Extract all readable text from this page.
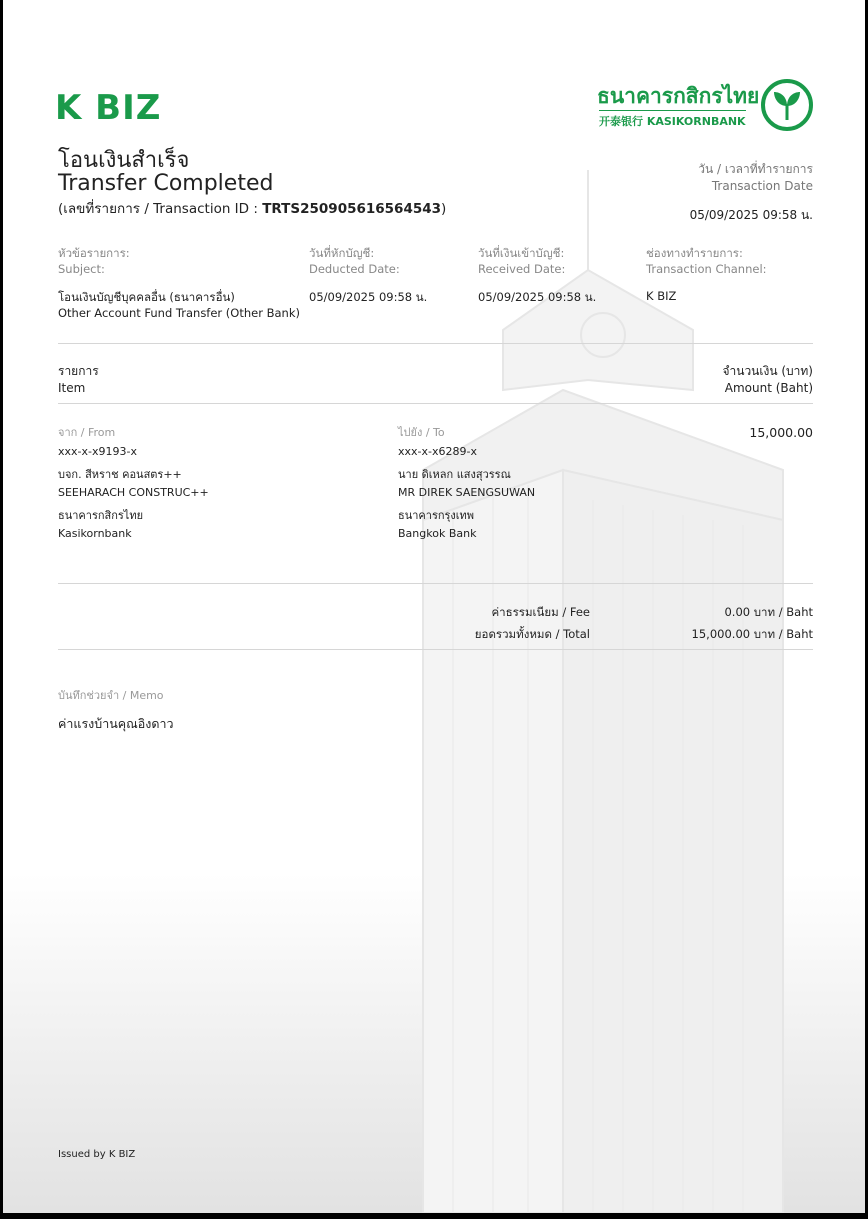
K BIZ	ธนาคารกสิกรไทย
开泰银行 KASIKORNBANK
โอนเงินสำเร็จ
Transfer Completed
(เลขที่รายการ / Transaction ID : TRTS250905616564543)
วัน / เวลาที่ทำรายการ
Transaction Date
05/09/2025 09:58 น.
หัวข้อรายการ:
Subject:
โอนเงินบัญชีบุคคลอื่น (ธนาคารอื่น)
Other Account Fund Transfer (Other Bank)
วันที่หักบัญชี:
Deducted Date:
05/09/2025 09:58 น.
วันที่เงินเข้าบัญชี:
Received Date:
05/09/2025 09:58 น.
ช่องทางทำรายการ:
Transaction Channel:
K BIZ
รายการ
Item
จำนวนเงิน (บาท)
Amount (Baht)
จาก / From
xxx-x-x9193-x
บจก. สีหราช คอนสตร++
SEEHARACH CONSTRUC++
ธนาคารกสิกรไทย
Kasikornbank
ไปยัง / To
xxx-x-x6289-x
นาย ดิเหลก แสงสุวรรณ
MR DIREK SAENGSUWAN
ธนาคารกรุงเทพ
Bangkok Bank
15,000.00
ค่าธรรมเนียม / Fee	0.00 บาท / Baht
ยอดรวมทั้งหมด / Total	15,000.00 บาท / Baht
บันทึกช่วยจำ / Memo
ค่าแรงบ้านคุณอิงดาว
Issued by K BIZ
